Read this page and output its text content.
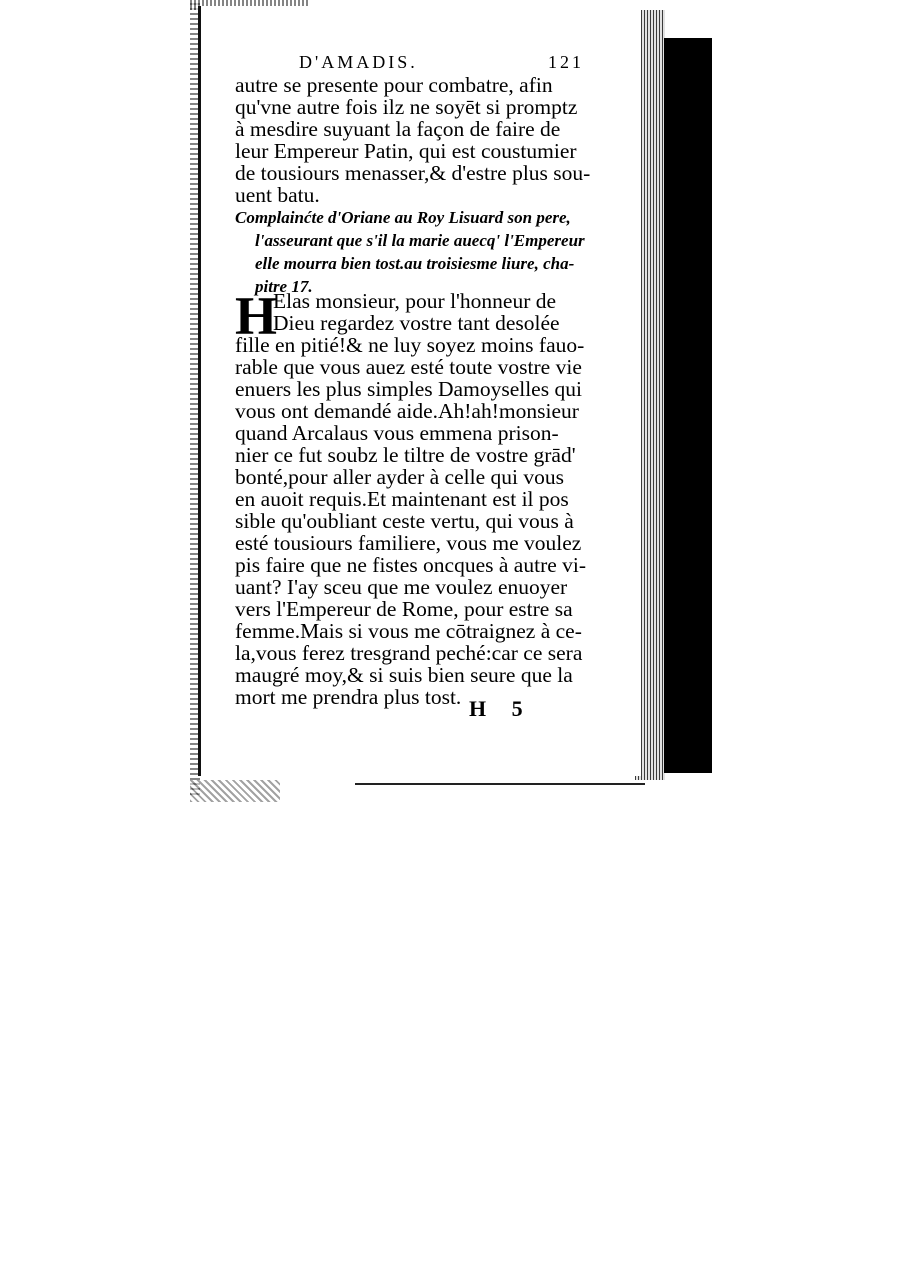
D'AMADIS.	121
autre se presente pour combatre, afin
qu'vne autre fois ilz ne soyēt si promptz
à mesdire suyuant la façon de faire de
leur Empereur Patin, qui est coustumier
de tousiours menasser,& d'estre plus sou-
uent batu.
Complainćte d'Oriane au Roy Lisuard son pere,
l'asseurant que s'il la marie auecq' l'Empereur
elle mourra bien tost.au troisiesme liure, cha-
pitre 17.
H
Elas monsieur, pour l'honneur de
Dieu regardez vostre tant desolée
fille en pitié!& ne luy soyez moins fauo-
rable que vous auez esté toute vostre vie
enuers les plus simples Damoyselles qui
vous ont demandé aide.Ah!ah!monsieur
quand Arcalaus vous emmena prison-
nier ce fut soubz le tiltre de vostre grād'
bonté,pour aller ayder à celle qui vous
en auoit requis.Et maintenant est il pos
sible qu'oubliant ceste vertu, qui vous à
esté tousiours familiere, vous me voulez
pis faire que ne fistes oncques à autre vi-
uant? I'ay sceu que me voulez enuoyer
vers l'Empereur de Rome, pour estre sa
femme.Mais si vous me cōtraignez à ce-
la,vous ferez tresgrand peché:car ce sera
maugré moy,& si suis bien seure que la
mort me prendra plus tost. H 5
